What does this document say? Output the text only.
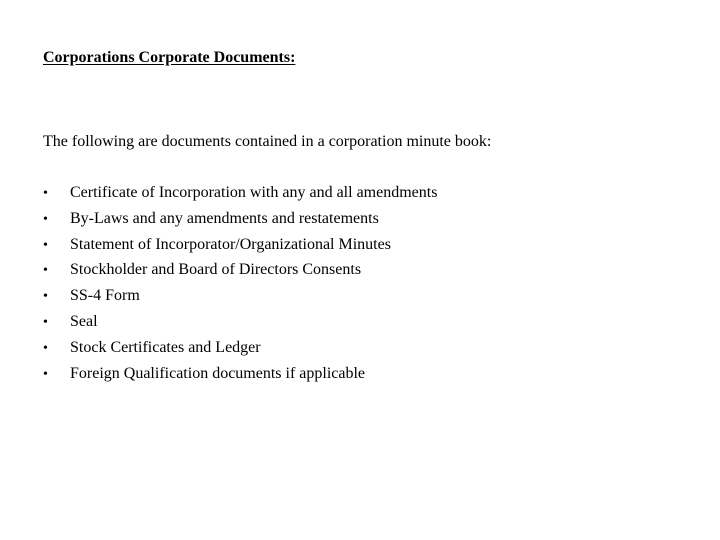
Corporations Corporate Documents:
The following are documents contained in a corporation minute book:
•	Certificate of Incorporation with any and all amendments
•	By-Laws and any amendments and restatements
•	Statement of Incorporator/Organizational Minutes
•	Stockholder and Board of Directors Consents
•	SS-4 Form
•	Seal
•	Stock Certificates and Ledger
•	Foreign Qualification documents if applicable
